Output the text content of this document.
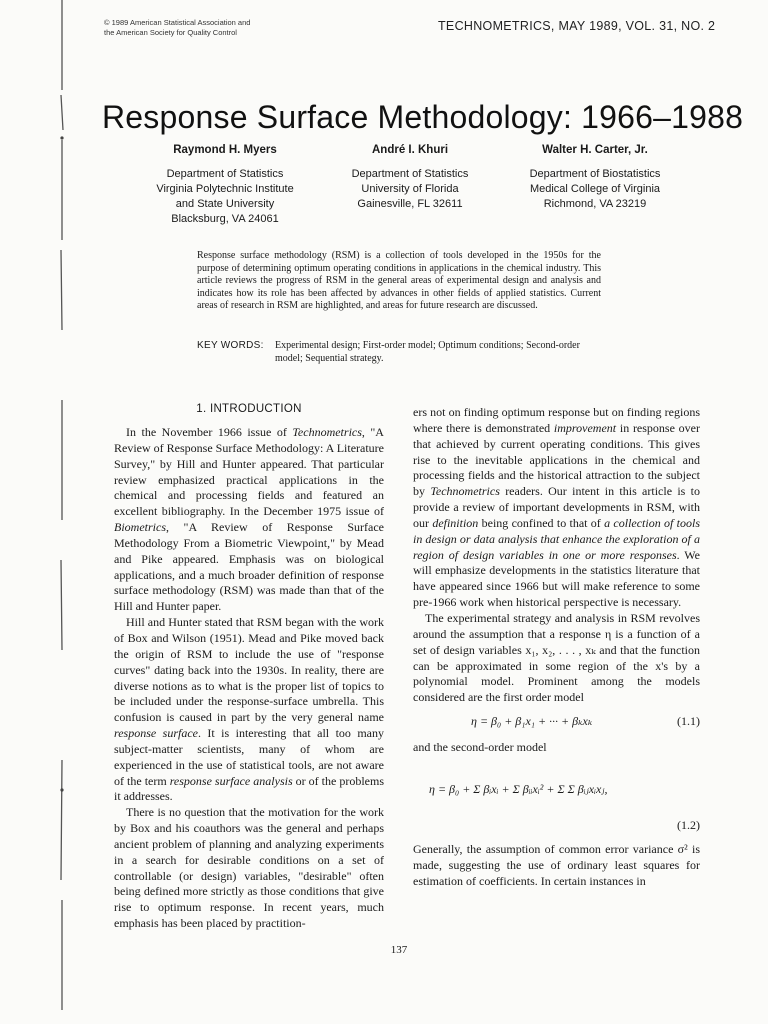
© 1989 American Statistical Association and
the American Society for Quality Control	TECHNOMETRICS, MAY 1989, VOL. 31, NO. 2
Response Surface Methodology: 1966–1988
Raymond H. Myers
Department of Statistics
Virginia Polytechnic Institute
and State University
Blacksburg, VA 24061
André I. Khuri
Department of Statistics
University of Florida
Gainesville, FL 32611
Walter H. Carter, Jr.
Department of Biostatistics
Medical College of Virginia
Richmond, VA 23219
Response surface methodology (RSM) is a collection of tools developed in the 1950s for the purpose of determining optimum operating conditions in applications in the chemical industry. This article reviews the progress of RSM in the general areas of experimental design and analysis and indicates how its role has been affected by advances in other fields of applied statistics. Current areas of research in RSM are highlighted, and areas for future research are discussed.
KEY WORDS:	Experimental design; First-order model; Optimum conditions; Second-order model; Sequential strategy.
1. INTRODUCTION

In the November 1966 issue of Technometrics, "A Review of Response Surface Methodology: A Literature Survey," by Hill and Hunter appeared. That particular review emphasized practical applications in the chemical and processing fields and featured an excellent bibliography. In the December 1975 issue of Biometrics, "A Review of Response Surface Methodology From a Biometric Viewpoint," by Mead and Pike appeared. Emphasis was on biological applications, and a much broader definition of response surface methodology (RSM) was made than that of the Hill and Hunter paper.

Hill and Hunter stated that RSM began with the work of Box and Wilson (1951). Mead and Pike moved back the origin of RSM to include the use of "response curves" dating back into the 1930s. In reality, there are diverse notions as to what is the proper list of topics to be included under the response-surface umbrella. This confusion is caused in part by the very general name response surface. It is interesting that all too many subject-matter scientists, many of whom are experienced in the use of statistical tools, are not aware of the term response surface analysis or of the problems it addresses.

There is no question that the motivation for the work by Box and his coauthors was the general and perhaps ancient problem of planning and analyzing experiments in a search for desirable conditions on a set of controllable (or design) variables, "desirable" often being defined more strictly as those conditions that give rise to optimum response. In recent years, much emphasis has been placed by practition-

ers not on finding optimum response but on finding regions where there is demonstrated improvement in response over that achieved by current operating conditions. This gives rise to the inevitable applications in the chemical and processing fields and the historical attraction to the subject by Technometrics readers. Our intent in this article is to provide a review of important developments in RSM, with our definition being confined to that of a collection of tools in design or data analysis that enhance the exploration of a region of design variables in one or more responses. We will emphasize developments in the statistics literature that have appeared since 1966 but will make reference to some pre-1966 work when historical perspective is necessary.

The experimental strategy and analysis in RSM revolves around the assumption that a response η is a function of a set of design variables x₁, x₂, . . . , xₖ and that the function can be approximated in some region of the x's by a polynomial model. Prominent among the models considered are the first order model

η = β₀ + β₁x₁ + ··· + βₖxₖ	(1.1)

and the second-order model

η = β₀ + Σ βᵢxᵢ + Σ βᵢᵢxᵢ² + Σ Σ βᵢⱼxᵢxⱼ,
(1.2)

Generally, the assumption of common error variance σ² is made, suggesting the use of ordinary least squares for estimation of coefficients. In certain instances in

137
